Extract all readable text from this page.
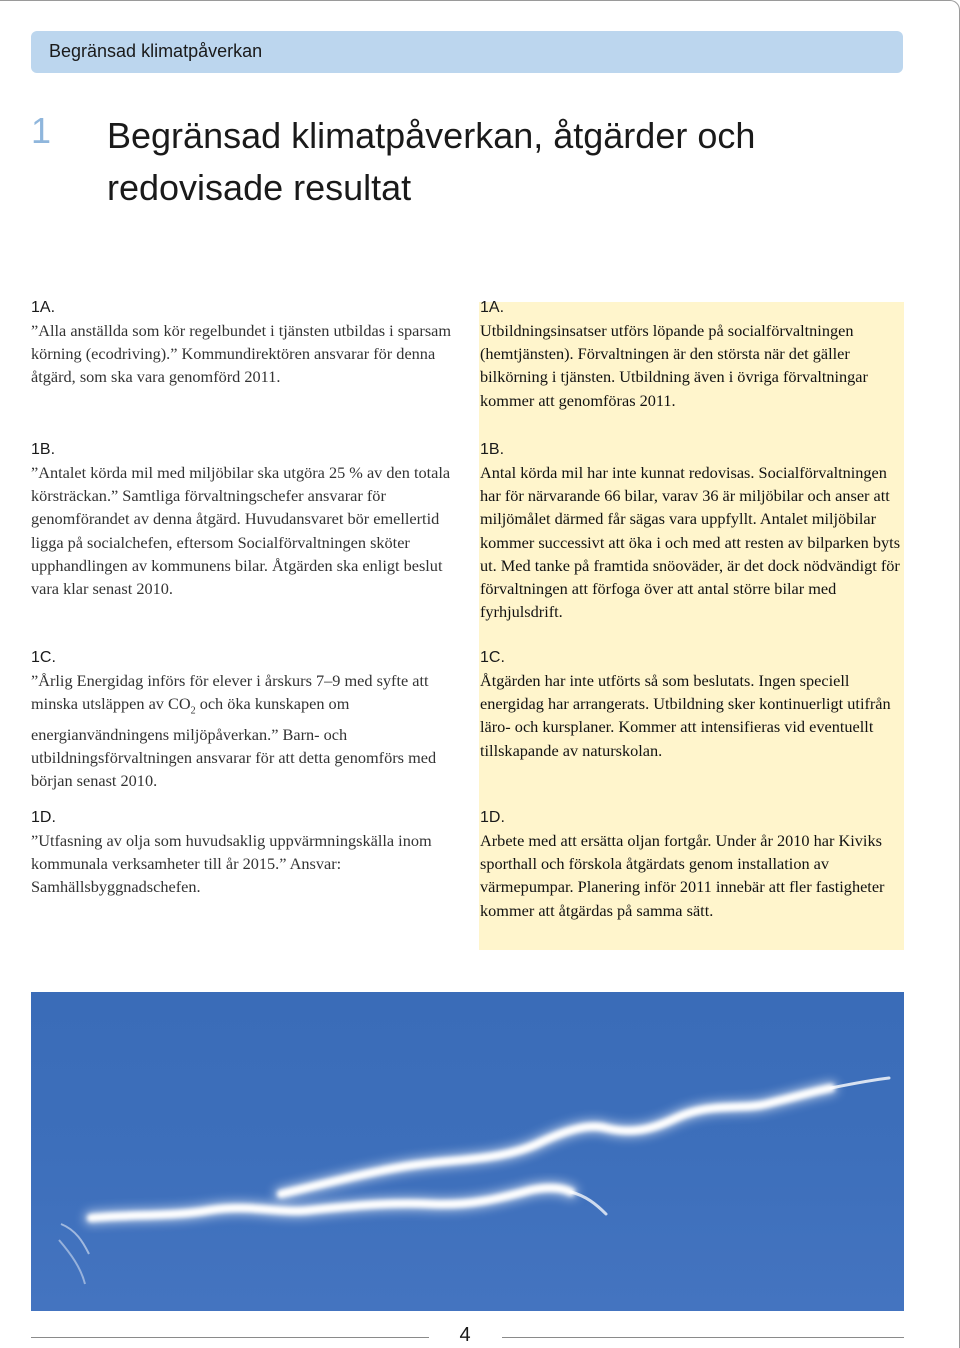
Begränsad klimatpåverkan
1 Begränsad klimatpåverkan, åtgärder och redovisade resultat
1A.
”Alla anställda som kör regelbundet i tjänsten utbildas i sparsam körning (ecodriving).” Kommundirektören ansvarar för denna åtgärd, som ska vara genomförd 2011.
1B.
”Antalet körda mil med miljöbilar ska utgöra 25 % av den totala körsträckan.” Samtliga förvaltningschefer ansvarar för genomförandet av denna åtgärd. Huvudansvaret bör emellertid ligga på socialchefen, eftersom Socialförvaltningen sköter upphandlingen av kommunens bilar. Åtgärden ska enligt beslut vara klar senast 2010.
1C.
”Årlig Energidag införs för elever i årskurs 7–9 med syfte att minska utsläppen av $CO_2$ och öka kunskapen om energianvändningens miljöpåverkan.” Barn- och utbildningsförvaltningen ansvarar för att detta genomförs med början senast 2010.
1D.
”Utfasning av olja som huvudsaklig uppvärmningskälla inom kommunala verksamheter till år 2015.” Ansvar: Samhällsbyggnadschefen.
1A.
Utbildningsinsatser utförs löpande på socialförvaltningen (hemtjänsten). Förvaltningen är den största när det gäller bilkörning i tjänsten. Utbildning även i övriga förvaltningar kommer att genomföras 2011.
1B.
Antal körda mil har inte kunnat redovisas. Socialförvaltningen har för närvarande 66 bilar, varav 36 är miljöbilar och anser att miljömålet därmed får sägas vara uppfyllt. Antalet miljöbilar kommer successivt att öka i och med att resten av bilparken byts ut. Med tanke på framtida snöoväder, är det dock nödvändigt för förvaltningen att förfoga över att antal större bilar med fyrhjulsdrift.
1C.
Åtgärden har inte utförts så som beslutats. Ingen speciell energidag har arrangerats. Utbildning sker kontinuerligt utifrån läro- och kursplaner. Kommer att intensifieras vid eventuellt tillskapande av naturskolan.
1D.
Arbete med att ersätta oljan fortgår. Under år 2010 har Kiviks sporthall och förskola åtgärdats genom installation av värmepumpar. Planering inför 2011 innebär att fler fastigheter kommer att åtgärdas på samma sätt.
4
